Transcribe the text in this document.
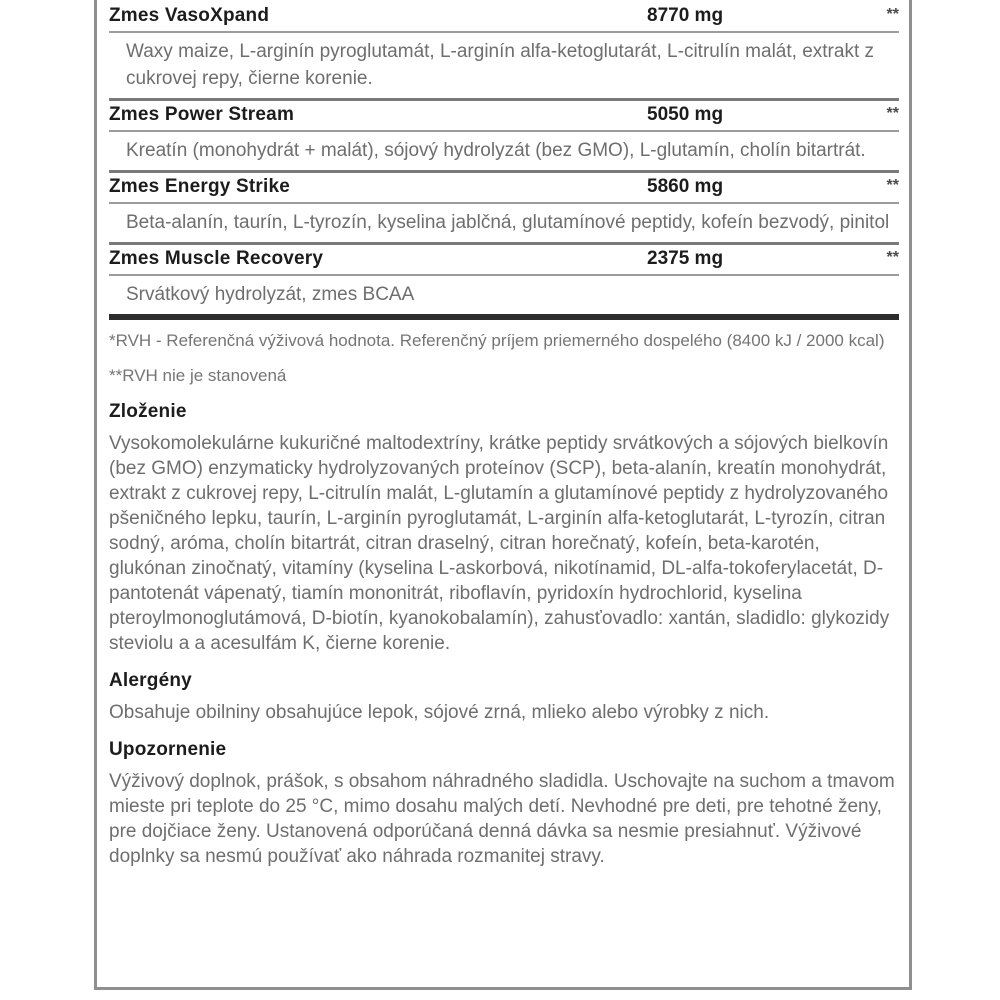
Zmes VasoXpand	8770 mg	**
Waxy maize, L-arginín pyroglutamát, L-arginín alfa-ketoglutarát, L-citrulín malát, extrakt z cukrovej repy, čierne korenie.
Zmes Power Stream	5050 mg	**
Kreatín (monohydrát + malát), sójový hydrolyzát (bez GMO), L-glutamín, cholín bitartrát.
Zmes Energy Strike	5860 mg	**
Beta-alanín, taurín, L-tyrozín, kyselina jablčná, glutamínové peptidy, kofeín bezvodý, pinitol
Zmes Muscle Recovery	2375 mg	**
Srvátkový hydrolyzát, zmes BCAA
*RVH - Referenčná výživová hodnota. Referenčný príjem priemerného dospelého (8400 kJ / 2000 kcal)
**RVH nie je stanovená
Zloženie
Vysokomolekulárne kukuričné maltodextríny, krátke peptidy srvátkových a sójových bielkovín (bez GMO) enzymaticky hydrolyzovaných proteínov (SCP), beta-alanín, kreatín monohydrát, extrakt z cukrovej repy, L-citrulín malát, L-glutamín a glutamínové peptidy z hydrolyzovaného pšeničného lepku, taurín, L-arginín pyroglutamát, L-arginín alfa-ketoglutarát, L-tyrozín, citran sodný, aróma, cholín bitartrát, citran draselný, citran horečnatý, kofeín, beta-karotén, glukónan zinočnatý, vitamíny (kyselina L-askorbová, nikotínamid, DL-alfa-tokoferylacetát, D-pantotenát vápenatý, tiamín mononitrát, riboflavín, pyridoxín hydrochlorid, kyselina pteroylmonoglutámová, D-biotín, kyanokobalamín), zahusťovadlo: xantán, sladidlo: glykozidy steviolu a a acesulfám K, čierne korenie.
Alergény
Obsahuje obilniny obsahujúce lepok, sójové zrná, mlieko alebo výrobky z nich.
Upozornenie
Výživový doplnok, prášok, s obsahom náhradného sladidla. Uschovajte na suchom a tmavom mieste pri teplote do 25 °C, mimo dosahu malých detí. Nevhodné pre deti, pre tehotné ženy, pre dojčiace ženy. Ustanovená odporúčaná denná dávka sa nesmie presiahnuť. Výživové doplnky sa nesmú používať ako náhrada rozmanitej stravy.
